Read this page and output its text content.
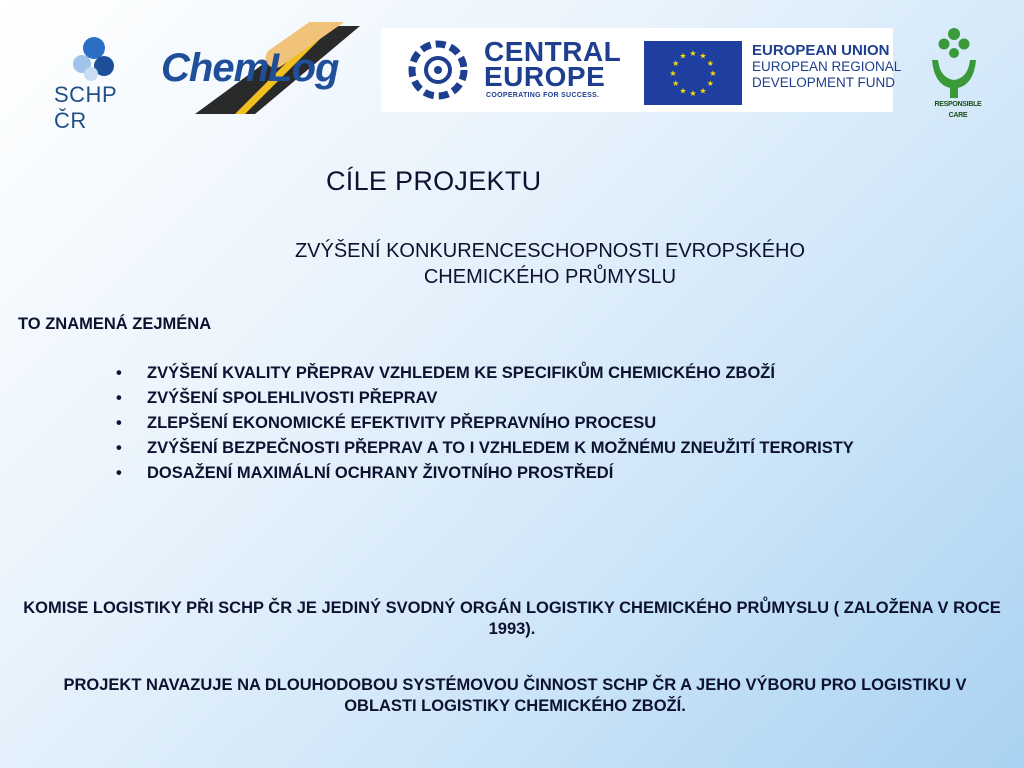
SCHP ČR
ChemLog	CENTRAL
EUROPE
COOPERATING FOR SUCCESS.
★ ★
★
★
★
★
★
★
★
★
★
★	EUROPEAN UNION
EUROPEAN REGIONAL
DEVELOPMENT FUND
RESPONSIBLE
CARE
CÍLE PROJEKTU
ZVÝŠENÍ KONKURENCESCHOPNOSTI EVROPSKÉHO
CHEMICKÉHO PRŮMYSLU
TO ZNAMENÁ ZEJMÉNA
• ZVÝŠENÍ KVALITY PŘEPRAV VZHLEDEM KE SPECIFIKŮM CHEMICKÉHO ZBOŽÍ
• ZVÝŠENÍ SPOLEHLIVOSTI PŘEPRAV
• ZLEPŠENÍ EKONOMICKÉ EFEKTIVITY PŘEPRAVNÍHO PROCESU
• ZVÝŠENÍ BEZPEČNOSTI PŘEPRAV A TO I VZHLEDEM K MOŽNÉMU ZNEUŽITÍ TERORISTY
• DOSAŽENÍ MAXIMÁLNÍ OCHRANY ŽIVOTNÍHO PROSTŘEDÍ
KOMISE LOGISTIKY PŘI SCHP ČR JE JEDINÝ SVODNÝ ORGÁN LOGISTIKY CHEMICKÉHO PRŮMYSLU ( ZALOŽENA V ROCE 1993).
PROJEKT NAVAZUJE NA DLOUHODOBOU SYSTÉMOVOU ČINNOST SCHP ČR A JEHO VÝBORU PRO LOGISTIKU V OBLASTI LOGISTIKY CHEMICKÉHO ZBOŽÍ.
